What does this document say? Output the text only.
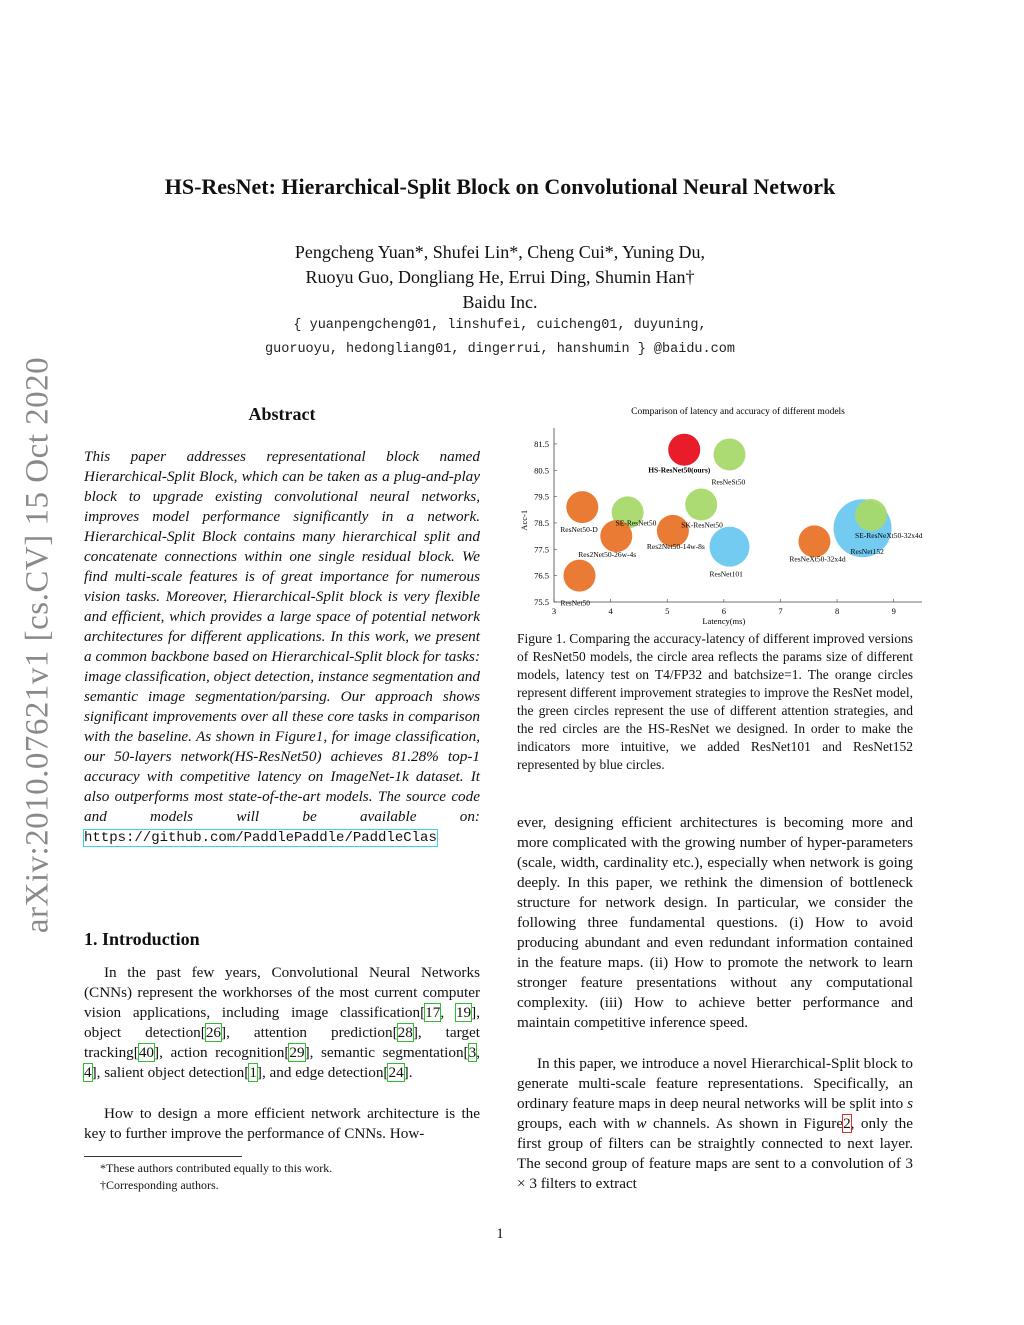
HS-ResNet: Hierarchical-Split Block on Convolutional Neural Network
Pengcheng Yuan*, Shufei Lin*, Cheng Cui*, Yuning Du,
Ruoyu Guo, Dongliang He, Errui Ding, Shumin Han†
Baidu Inc.
{ yuanpengcheng01, linshufei, cuicheng01, duyuning,
guoruoyu, hedongliang01, dingerrui, hanshumin } @baidu.com
arXiv:2010.07621v1 [cs.CV] 15 Oct 2020	Abstract
This paper addresses representational block named Hierarchical-Split Block, which can be taken as a plug-and-play block to upgrade existing convolutional neural networks, improves model performance significantly in a network. Hierarchical-Split Block contains many hierarchical split and concatenate connections within one single residual block. We find multi-scale features is of great importance for numerous vision tasks. Moreover, Hierarchical-Split block is very flexible and efficient, which provides a large space of potential network architectures for different applications. In this work, we present a common backbone based on Hierarchical-Split block for tasks: image classification, object detection, instance segmentation and semantic image segmentation/parsing. Our approach shows significant improvements over all these core tasks in comparison with the baseline. As shown in Figure1, for image classification, our 50-layers network(HS-ResNet50) achieves 81.28% top-1 accuracy with competitive latency on ImageNet-1k dataset. It also outperforms most state-of-the-art models. The source code and models will be available on: https://github.com/PaddlePaddle/PaddleClas
1. Introduction
In the past few years, Convolutional Neural Networks (CNNs) represent the workhorses of the most current computer vision applications, including image classification[17, 19], object detection[26], attention prediction[28], target tracking[40], action recognition[29], semantic segmentation[3, 4], salient object detection[1], and edge detection[24].
How to design a more efficient network architecture is the key to further improve the performance of CNNs. How-
*These authors contributed equally to this work.
†Corresponding authors.
Comparison of latency and accuracy of different models
75.5
76.5
77.5
78.5
79.5
80.5
81.5
3	4	5	6	7	8	9
Latency(ms)
Acc-1
HS-ResNet50(ours)
ResNeSt50
ResNet50-D
SE-ResNet50	SK-ResNet50
Res2Net50-26w-4s
Res2Net50-14w-8s
ResNet101
ResNet50
ResNeXt50-32x4d
SE-ResNeXt50-32x4d
ResNet152
Figure 1. Comparing the accuracy-latency of different improved versions of ResNet50 models, the circle area reflects the params size of different models, latency test on T4/FP32 and batchsize=1. The orange circles represent different improvement strategies to improve the ResNet model, the green circles represent the use of different attention strategies, and the red circles are the HS-ResNet we designed. In order to make the indicators more intuitive, we added ResNet101 and ResNet152 represented by blue circles.
ever, designing efficient architectures is becoming more and more complicated with the growing number of hyper-parameters (scale, width, cardinality etc.), especially when network is going deeply. In this paper, we rethink the dimension of bottleneck structure for network design. In particular, we consider the following three fundamental questions. (i) How to avoid producing abundant and even redundant information contained in the feature maps. (ii) How to promote the network to learn stronger feature presentations without any computational complexity. (iii) How to achieve better performance and maintain competitive inference speed.
In this paper, we introduce a novel Hierarchical-Split block to generate multi-scale feature representations. Specifically, an ordinary feature maps in deep neural networks will be split into s groups, each with w channels. As shown in Figure2, only the first group of filters can be straightly connected to next layer. The second group of feature maps are sent to a convolution of 3 × 3 filters to extract
1
